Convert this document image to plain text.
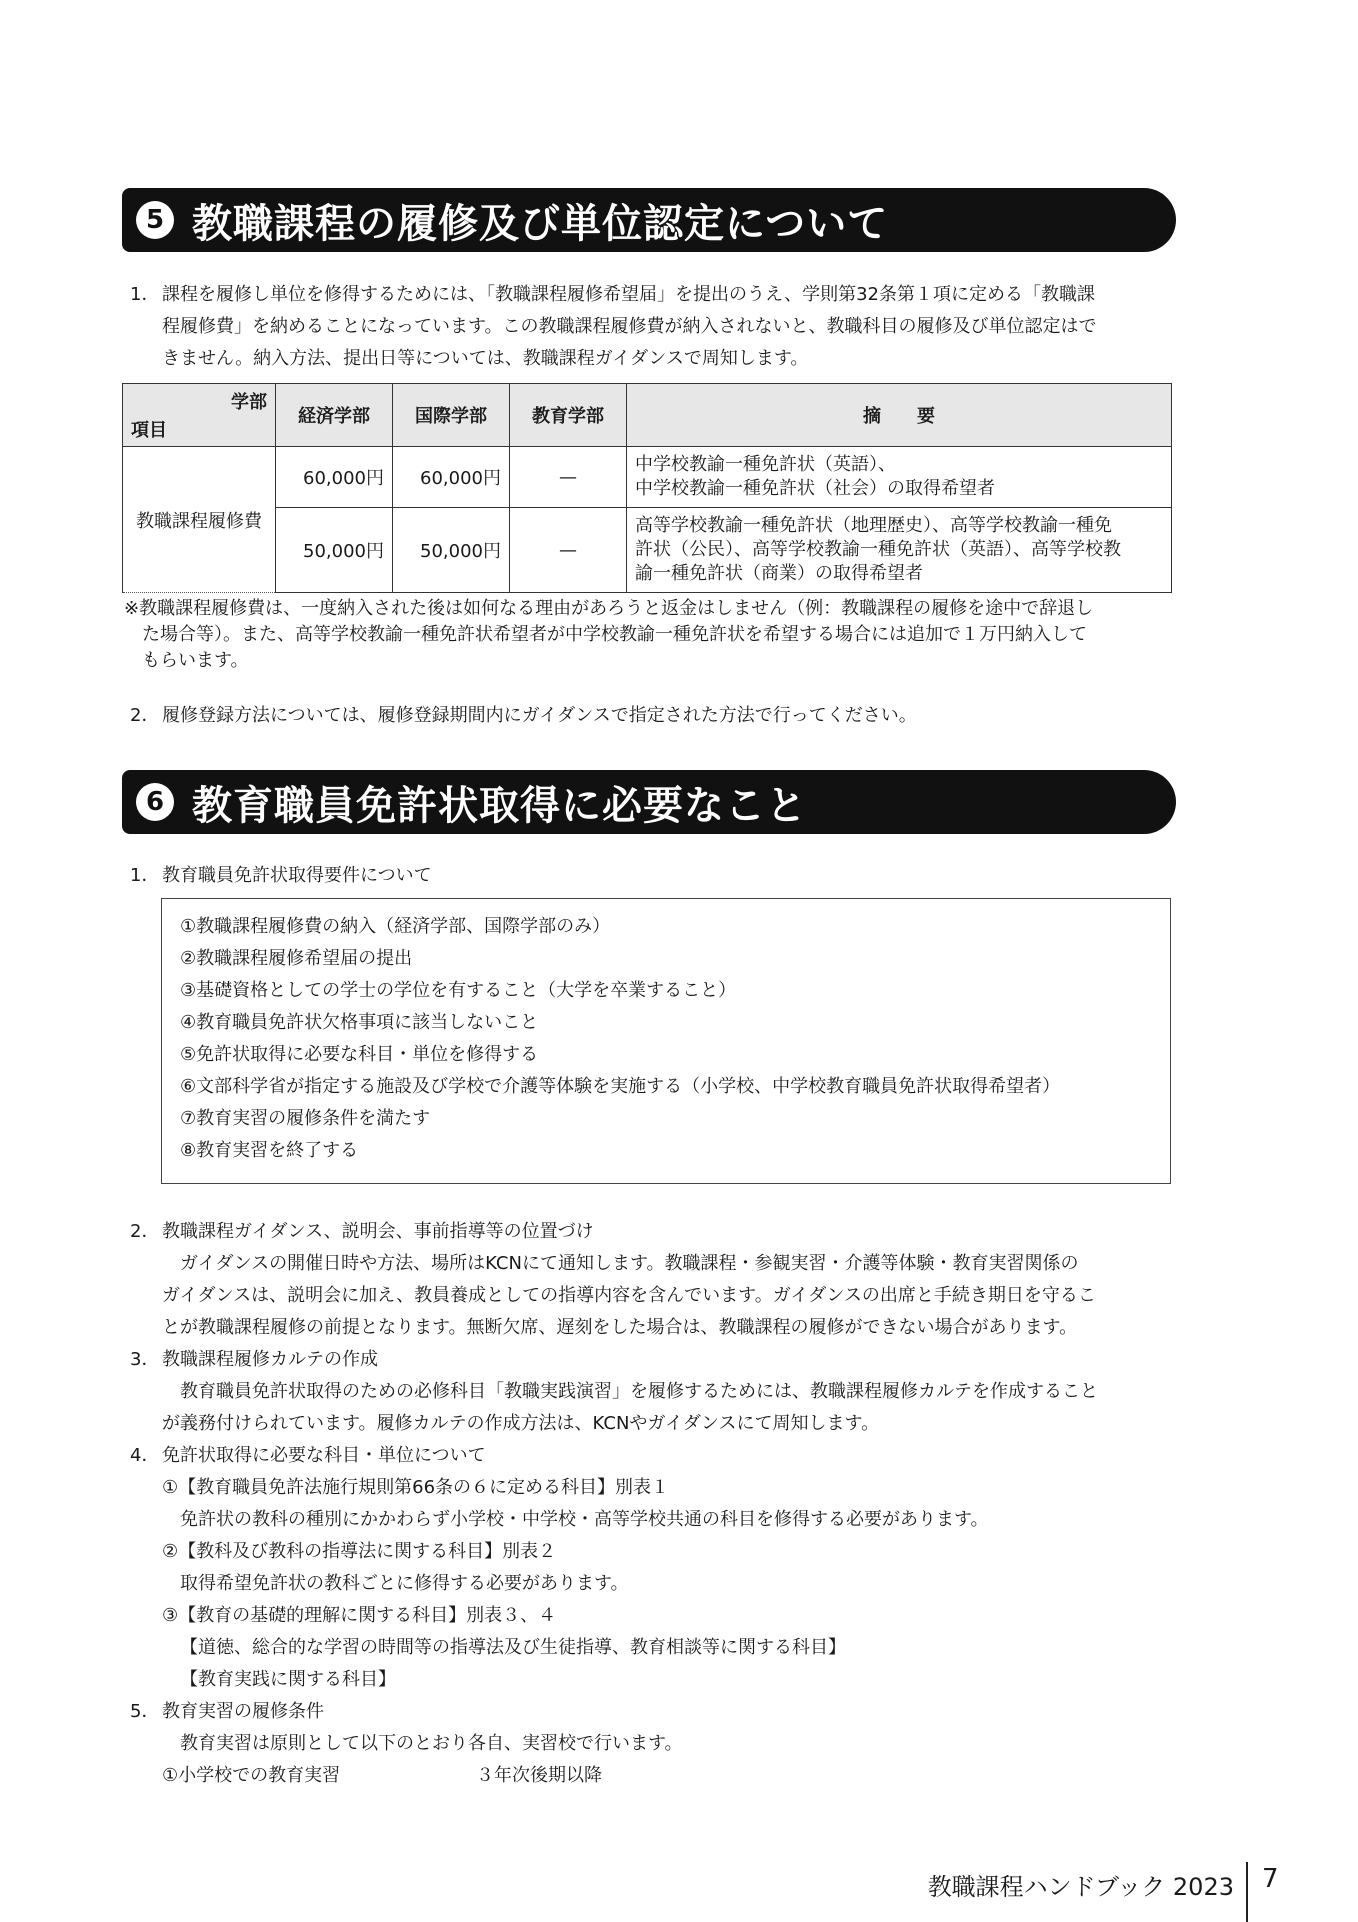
5 教職課程の履修及び単位認定について
1． 課程を履修し単位を修得するためには、「教職課程履修希望届」を提出のうえ、学則第32条第１項に定める「教職課
程履修費」を納めることになっています。この教職課程履修費が納入されないと、教職科目の履修及び単位認定はで
きません。納入方法、提出日等については、教職課程ガイダンスで周知します。
学部
項目	経済学部	国際学部	教育学部	摘　　要
教職課程履修費	60,000円	60,000円	—	中学校教諭一種免許状（英語）、
中学校教諭一種免許状（社会）の取得希望者
	50,000円	50,000円	—	高等学校教諭一種免許状（地理歴史）、高等学校教諭一種免
許状（公民）、高等学校教諭一種免許状（英語）、高等学校教
諭一種免許状（商業）の取得希望者
※教職課程履修費は、一度納入された後は如何なる理由があろうと返金はしません（例：教職課程の履修を途中で辞退し
た場合等）。また、高等学校教諭一種免許状希望者が中学校教諭一種免許状を希望する場合には追加で１万円納入して
もらいます。
2． 履修登録方法については、履修登録期間内にガイダンスで指定された方法で行ってください。
6 教育職員免許状取得に必要なこと
1． 教育職員免許状取得要件について
①教職課程履修費の納入（経済学部、国際学部のみ）
②教職課程履修希望届の提出
③基礎資格としての学士の学位を有すること（大学を卒業すること）
④教育職員免許状欠格事項に該当しないこと
⑤免許状取得に必要な科目・単位を修得する
⑥文部科学省が指定する施設及び学校で介護等体験を実施する（小学校、中学校教育職員免許状取得希望者）
⑦教育実習の履修条件を満たす
⑧教育実習を終了する
2． 教職課程ガイダンス、説明会、事前指導等の位置づけ
ガイダンスの開催日時や方法、場所はKCNにて通知します。教職課程・参観実習・介護等体験・教育実習関係の
ガイダンスは、説明会に加え、教員養成としての指導内容を含んでいます。ガイダンスの出席と手続き期日を守るこ
とが教職課程履修の前提となります。無断欠席、遅刻をした場合は、教職課程の履修ができない場合があります。
3． 教職課程履修カルテの作成
教育職員免許状取得のための必修科目「教職実践演習」を履修するためには、教職課程履修カルテを作成すること
が義務付けられています。履修カルテの作成方法は、KCNやガイダンスにて周知します。
4． 免許状取得に必要な科目・単位について
①【教育職員免許法施行規則第66条の６に定める科目】別表１
免許状の教科の種別にかかわらず小学校・中学校・高等学校共通の科目を修得する必要があります。
②【教科及び教科の指導法に関する科目】別表２
取得希望免許状の教科ごとに修得する必要があります。
③【教育の基礎的理解に関する科目】別表３、４
【道徳、総合的な学習の時間等の指導法及び生徒指導、教育相談等に関する科目】
【教育実践に関する科目】
5． 教育実習の履修条件
教育実習は原則として以下のとおり各自、実習校で行います。
①小学校での教育実習	３年次後期以降
教職課程ハンドブック 2023 7
